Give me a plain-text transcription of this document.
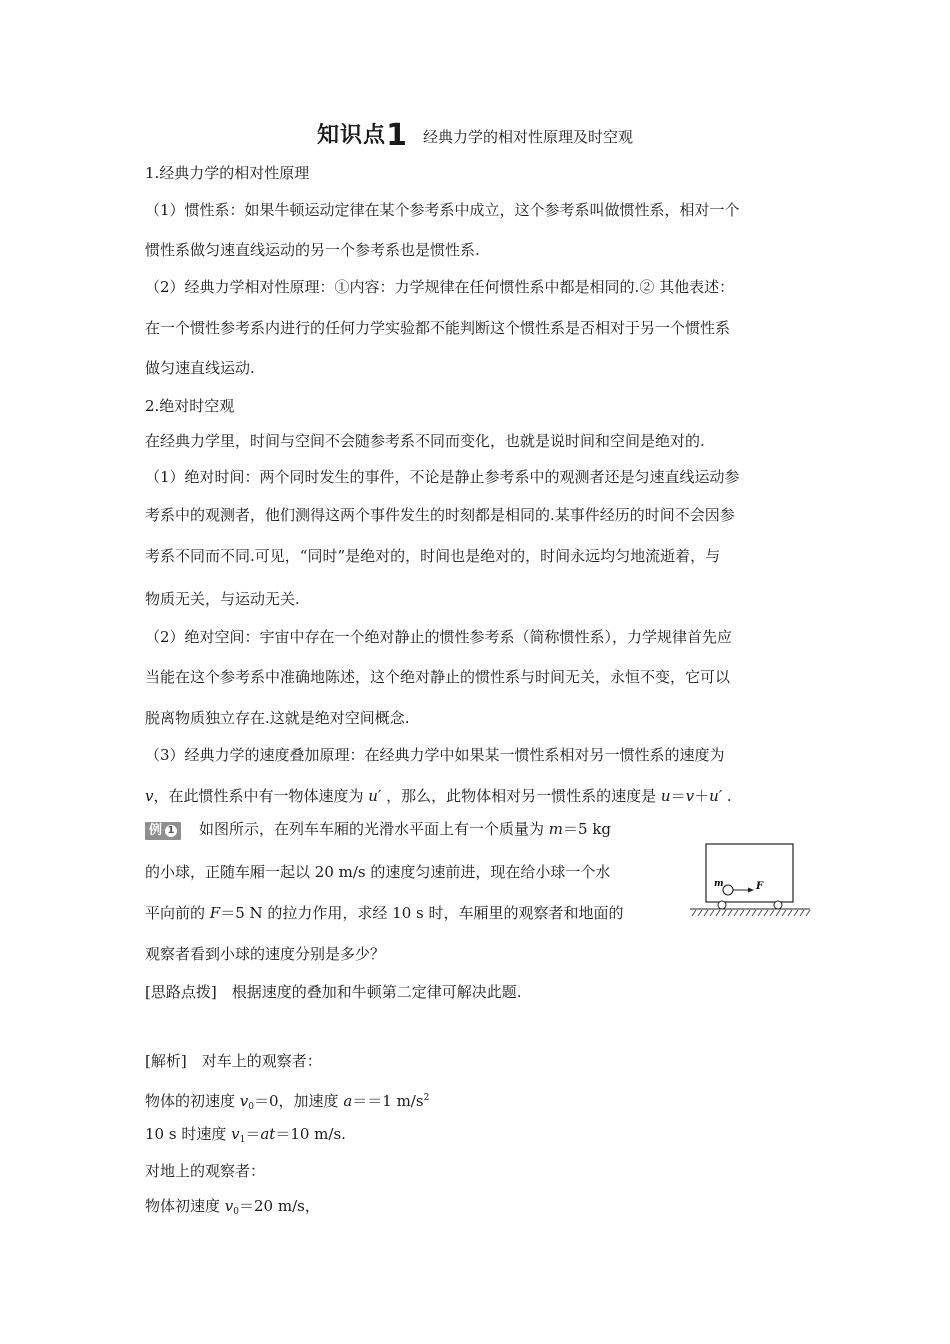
知识点1 经典力学的相对性原理及时空观
1.经典力学的相对性原理
（1）惯性系：如果牛顿运动定律在某个参考系中成立，这个参考系叫做惯性系，相对一个
惯性系做匀速直线运动的另一个参考系也是惯性系.
（2）经典力学相对性原理：①内容：力学规律在任何惯性系中都是相同的.② 其他表述：
在一个惯性参考系内进行的任何力学实验都不能判断这个惯性系是否相对于另一个惯性系
做匀速直线运动.
2.绝对时空观
在经典力学里，时间与空间不会随参考系不同而变化，也就是说时间和空间是绝对的.
（1）绝对时间：两个同时发生的事件，不论是静止参考系中的观测者还是匀速直线运动参
考系中的观测者，他们测得这两个事件发生的时刻都是相同的.某事件经历的时间不会因参
考系不同而不同.可见，“同时”是绝对的，时间也是绝对的，时间永远均匀地流逝着，与
物质无关，与运动无关.
（2）绝对空间：宇宙中存在一个绝对静止的惯性参考系（简称惯性系），力学规律首先应
当能在这个参考系中准确地陈述，这个绝对静止的惯性系与时间无关，永恒不变，它可以
脱离物质独立存在.这就是绝对空间概念.
（3）经典力学的速度叠加原理：在经典力学中如果某一惯性系相对另一惯性系的速度为
v，在此惯性系中有一物体速度为 u′ ，那么，此物体相对另一惯性系的速度是 u＝v＋u′ .
例 1 如图所示，在列车车厢的光滑水平面上有一个质量为 m＝5 kg
的小球，正随车厢一起以 20 m/s 的速度匀速前进，现在给小球一个水
平向前的 F＝5 N 的拉力作用，求经 10 s 时，车厢里的观察者和地面的
观察者看到小球的速度分别是多少？
[思路点拨]　根据速度的叠加和牛顿第二定律可解决此题.
m	F
[解析]　对车上的观察者：
物体的初速度 $v_0=0$，加速度 a＝＝1 $m/s^2$
10 s 时速度 $v_1=at=10$ m/s.
对地上的观察者：
物体初速度 $v_0=20$ m/s，
